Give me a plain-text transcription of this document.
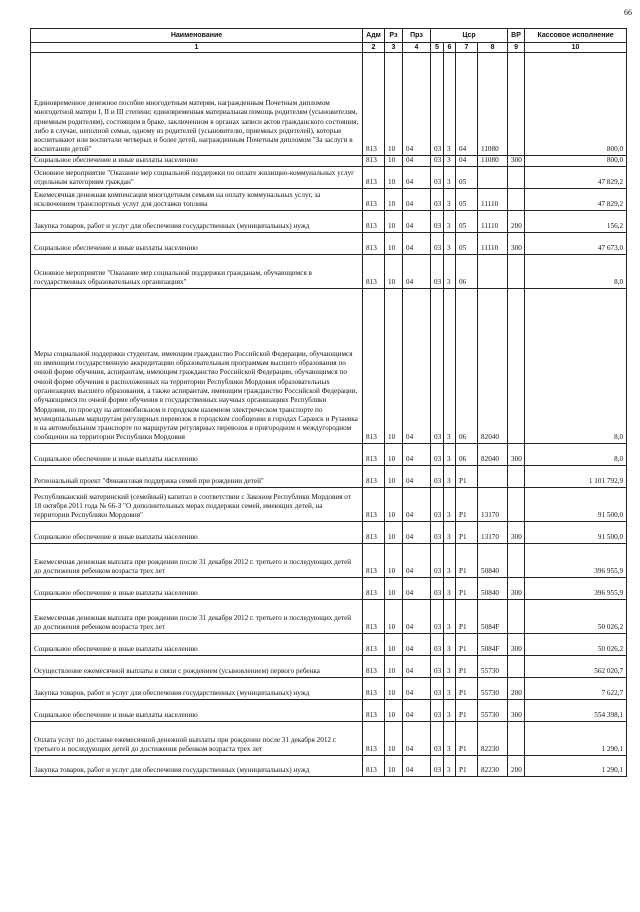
66
Наименование	Адм	Рз	Прз	Цср				ВР	Кассовое исполнение
1	2	3	4	5	6	7	8	9	10
Единовременное денежное пособие многодетным матерям, награжденным Почетным дипломом многодетной матери I, II и III степени; единовременная материальная помощь родителям (усыновителям, приемным родителям), состоящим в браке, заключенном в органах записи актов гражданского состояния, либо в случае, неполной семьи, одному из родителей (усыновителю, приемных родителей), которые воспитывают или воспитали четверых и более детей, награжденным Почетным дипломом "За заслуги в воспитании детей"	813	10	04	03	3	04	11080		800,0
Социальное обеспечение и иные выплаты населению	813	10	04	03	3	04	11080	300	800,0
Основное мероприятие "Оказание мер социальной поддержки по оплате жилищно-коммунальных услуг отдельным категориям граждан"	813	10	04	03	3	05			47 829,2
Ежемесячная денежная компенсация многодетным семьям на оплату коммунальных услуг, за исключением транспортных услуг для доставки топлива	813	10	04	03	3	05	11110		47 829,2
Закупка товаров, работ и услуг для обеспечения государственных (муниципальных) нужд	813	10	04	03	3	05	11110	200	156,2
Социальное обеспечение и иные выплаты населению	813	10	04	03	3	05	11110	300	47 673,0
Основное мероприятие "Оказание мер социальной поддержки гражданам, обучающимся в государственных образовательных организациях"	813	10	04	03	3	06			8,0
Меры социальной поддержки студентам, имеющим гражданство Российской Федерации, обучающимся по имеющим государственную аккредитацию образовательным программам высшего образования по очной форме обучения, аспирантам, имеющим гражданство Российской Федерации, обучающимся по очной форме обучения в расположенных на территории Республики Мордовия образовательных организациях высшего образования, а также аспирантам, имеющим гражданство Российской Федерации, обучающимся по очной форме обучения в государственных научных организациях Республики Мордовия, по проезду на автомобильном и городском наземном электрическом транспорте по муниципальным маршрутам регулярных перевозок в городском сообщении в городах Саранск и Рузаевка и на автомобильном транспорте по маршрутам регулярных перевозок в пригородном и междугородном сообщении на территории Республики Мордовия	813	10	04	03	3	06	82040		8,0
Социальное обеспечение и иные выплаты населению	813	10	04	03	3	06	82040	300	8,0
Региональный проект "Финансовая поддержка семей при рождении детей"	813	10	04	03	3	P1			1 101 792,9
Республиканский материнский (семейный) капитал в соответствии с Законом Республики Мордовия от 18 октября 2011 года № 66-З "О дополнительных мерах поддержки семей, имеющих детей, на территории Республики Мордовия"	813	10	04	03	3	P1	13170		91 500,0
Социальное обеспечение и иные выплаты населению	813	10	04	03	3	P1	13170	300	91 500,0
Ежемесячная денежная выплата при рождении после 31 декабря 2012 г. третьего и последующих детей до достижения ребенком возраста трех лет	813	10	04	03	3	P1	50840		396 955,9
Социальное обеспечение и иные выплаты населению	813	10	04	03	3	P1	50840	300	396 955,9
Ежемесячная денежная выплата при рождении после 31 декабря 2012 г. третьего и последующих детей до достижения ребенком возраста трех лет	813	10	04	03	3	P1	5084F		50 026,2
Социальное обеспечение и иные выплаты населению	813	10	04	03	3	P1	5084F	300	50 026,2
Осуществление ежемесячной выплаты в связи с рождением (усыновлением) первого ребенка	813	10	04	03	3	P1	55730		562 020,7
Закупка товаров, работ и услуг для обеспечения государственных (муниципальных) нужд	813	10	04	03	3	P1	55730	200	7 622,7
Социальное обеспечение и иные выплаты населению	813	10	04	03	3	P1	55730	300	554 398,1
Оплата услуг по доставке ежемесячной денежной выплаты при рождении после 31 декабря 2012 г. третьего и последующих детей до достижения ребенком возраста трех лет	813	10	04	03	3	P1	82230		1 290,1
Закупка товаров, работ и услуг для обеспечения государственных (муниципальных) нужд	813	10	04	03	3	P1	82230	200	1 290,1
